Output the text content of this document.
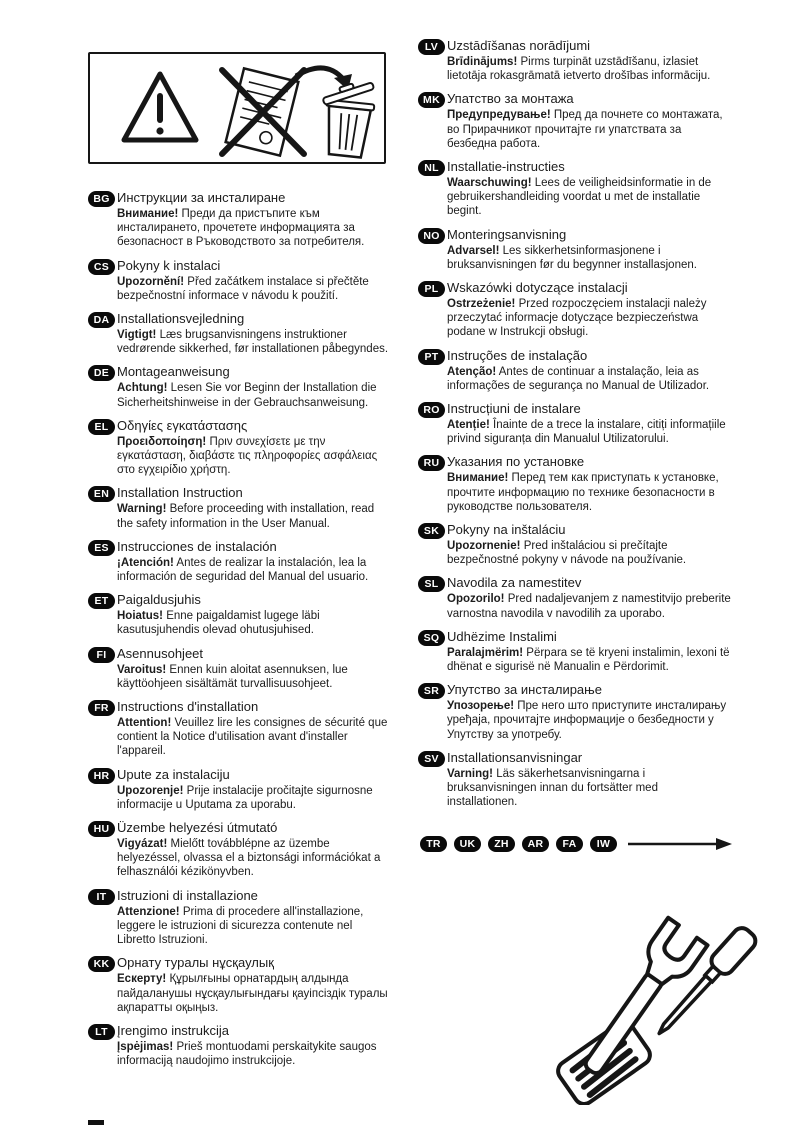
BG Инструкции за инсталиране
Внимание! Преди да пристъпите към инсталирането, прочетете информацията за безопасност в Ръководството за потребителя.
CS Pokyny k instalaci
Upozornění! Před začátkem instalace si přečtěte bezpečnostní informace v návodu k použití.
DA Installationsvejledning
Vigtigt! Læs brugsanvisningens instruktioner vedrørende sikkerhed, før installationen påbegyndes.
DE Montageanweisung
Achtung! Lesen Sie vor Beginn der Installation die Sicherheitshinweise in der Gebrauchsanweisung.
EL Οδηγίες εγκατάστασης
Προειδοποίηση! Πριν συνεχίσετε με την εγκατάσταση, διαβάστε τις πληροφορίες ασφάλειας στο εγχειρίδιο χρήστη.
EN Installation Instruction
Warning! Before proceeding with installation, read the safety information in the User Manual.
ES Instrucciones de instalación
¡Atención! Antes de realizar la instalación, lea la información de seguridad del Manual del usuario.
ET Paigaldusjuhis
Hoiatus! Enne paigaldamist lugege läbi kasutusjuhendis olevad ohutusjuhised.
FI Asennusohjeet
Varoitus! Ennen kuin aloitat asennuksen, lue käyttöohjeen sisältämät turvallisuusohjeet.
FR Instructions d'installation
Attention! Veuillez lire les consignes de sécurité que contient la Notice d'utilisation avant d'installer l'appareil.
HR Upute za instalaciju
Upozorenje! Prije instalacije pročitajte sigurnosne informacije u Uputama za uporabu.
HU Üzembe helyezési útmutató
Vigyázat! Mielőtt továbblépne az üzembe helyezéssel, olvassa el a biztonsági információkat a felhasználói kézikönyvben.
IT Istruzioni di installazione
Attenzione! Prima di procedere all'installazione, leggere le istruzioni di sicurezza contenute nel Libretto Istruzioni.
KK Орнату туралы нұсқаулық
Ескерту! Құрылғыны орнатардың алдында пайдаланушы нұсқаулығындағы қауіпсіздік туралы ақпаратты оқыңыз.
LT Įrengimo instrukcija
Įspėjimas! Prieš montuodami perskaitykite saugos informaciją naudojimo instrukcijoje.
LV Uzstādīšanas norādījumi
Brīdinājums! Pirms turpināt uzstādīšanu, izlasiet lietotāja rokasgrāmatā ietverto drošības informāciju.
MK Упатство за монтажа
Предупредување! Пред да почнете со монтажата, во Прирачникот прочитајте ги упатствата за безбедна работа.
NL Installatie-instructies
Waarschuwing! Lees de veiligheidsinformatie in de gebruikershandleiding voordat u met de installatie begint.
NO Monteringsanvisning
Advarsel! Les sikkerhetsinformasjonene i bruksanvisningen før du begynner installasjonen.
PL Wskazówki dotyczące instalacji
Ostrzeżenie! Przed rozpoczęciem instalacji należy przeczytać informacje dotyczące bezpieczeństwa podane w Instrukcji obsługi.
PT Instruções de instalação
Atenção! Antes de continuar a instalação, leia as informações de segurança no Manual de Utilizador.
RO Instrucțiuni de instalare
Atenție! Înainte de a trece la instalare, citiți informațiile privind siguranța din Manualul Utilizatorului.
RU Указания по установке
Внимание! Перед тем как приступать к установке, прочтите информацию по технике безопасности в руководстве пользователя.
SK Pokyny na inštaláciu
Upozornenie! Pred inštaláciou si prečítajte bezpečnostné pokyny v návode na používanie.
SL Navodila za namestitev
Opozorilo! Pred nadaljevanjem z namestitvijo preberite varnostna navodila v navodilih za uporabo.
SQ Udhëzime Instalimi
Paralajmërim! Përpara se të kryeni instalimin, lexoni të dhënat e sigurisë në Manualin e Përdorimit.
SR Упутство за инсталирање
Упозорење! Пре него што приступите инсталирању уређаја, прочитајте информације о безбедности у Упутству за употребу.
SV Installationsanvisningar
Varning! Läs säkerhetsanvisningarna i bruksanvisningen innan du fortsätter med installationen.
TR	UK	ZH	AR	FA	IW
